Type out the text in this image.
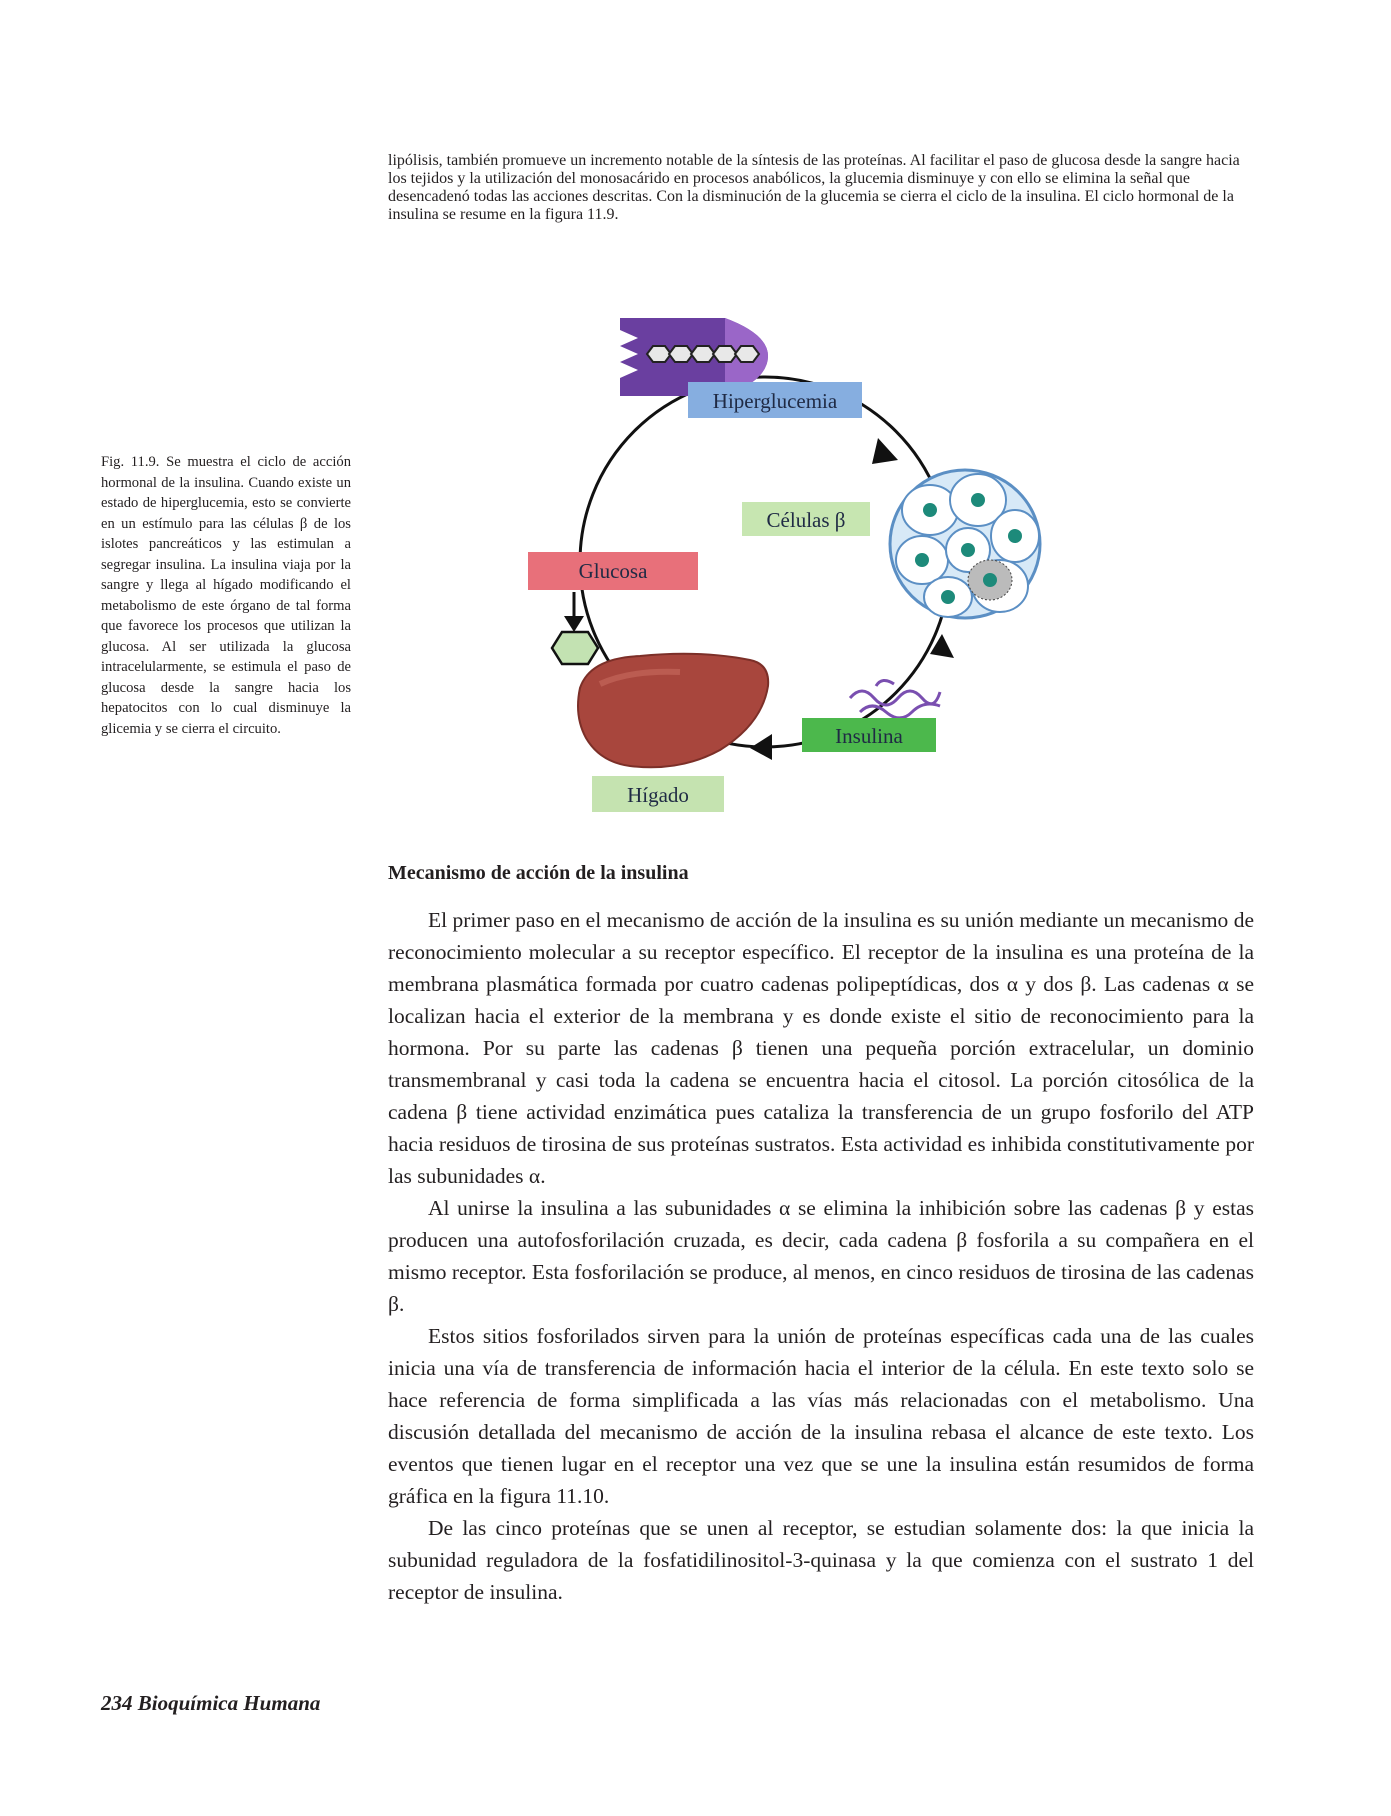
lipólisis, también promueve un incremento notable de la síntesis de las proteínas. Al facilitar el paso de glucosa desde la sangre hacia los tejidos y la utilización del monosacárido en procesos anabólicos, la glucemia disminuye y con ello se elimina la señal que desencadenó todas las acciones descritas. Con la disminución de la glucemia se cierra el ciclo de la insulina. El ciclo hormonal de la insulina se resume en la figura 11.9.

Fig. 11.9. Se muestra el ciclo de acción hormonal de la insulina. Cuando existe un estado de hiperglucemia, esto se convierte en un estímulo para las células β de los islotes pancreáticos y las estimulan a segregar insulina. La insulina viaja por la sangre y llega al hígado modificando el metabolismo de este órgano de tal forma que favorece los procesos que utilizan la glucosa. Al ser utilizada la glucosa intracelularmente, se estimula el paso de glucosa desde la sangre hacia los hepatocitos con lo cual disminuye la glicemia y se cierra el circuito.

Hiperglucemia
Células β
Insulina
Glucosa
Hígado
Mecanismo de acción de la insulina

El primer paso en el mecanismo de acción de la insulina es su unión mediante un mecanismo de reconocimiento molecular a su receptor específico. El receptor de la insulina es una proteína de la membrana plasmática formada por cuatro cadenas polipeptídicas, dos α y dos β. Las cadenas α se localizan hacia el exterior de la membrana y es donde existe el sitio de reconocimiento para la hormona. Por su parte las cadenas β tienen una pequeña porción extracelular, un dominio transmembranal y casi toda la cadena se encuentra hacia el citosol. La porción citosólica de la cadena β tiene actividad enzimática pues cataliza la transferencia de un grupo fosforilo del ATP hacia residuos de tirosina de sus proteínas sustratos. Esta actividad es inhibida constitutivamente por las subunidades α.

Al unirse la insulina a las subunidades α se elimina la inhibición sobre las cadenas β y estas producen una autofosforilación cruzada, es decir, cada cadena β fosforila a su compañera en el mismo receptor. Esta fosforilación se produce, al menos, en cinco residuos de tirosina de las cadenas β.

Estos sitios fosforilados sirven para la unión de proteínas específicas cada una de las cuales inicia una vía de transferencia de información hacia el interior de la célula. En este texto solo se hace referencia de forma simplificada a las vías más relacionadas con el metabolismo. Una discusión detallada del mecanismo de acción de la insulina rebasa el alcance de este texto. Los eventos que tienen lugar en el receptor una vez que se une la insulina están resumidos de forma gráfica en la figura 11.10.

De las cinco proteínas que se unen al receptor, se estudian solamente dos: la que inicia la subunidad reguladora de la fosfatidilinositol-3-quinasa y la que comienza con el sustrato 1 del receptor de insulina.

234 Bioquímica Humana
